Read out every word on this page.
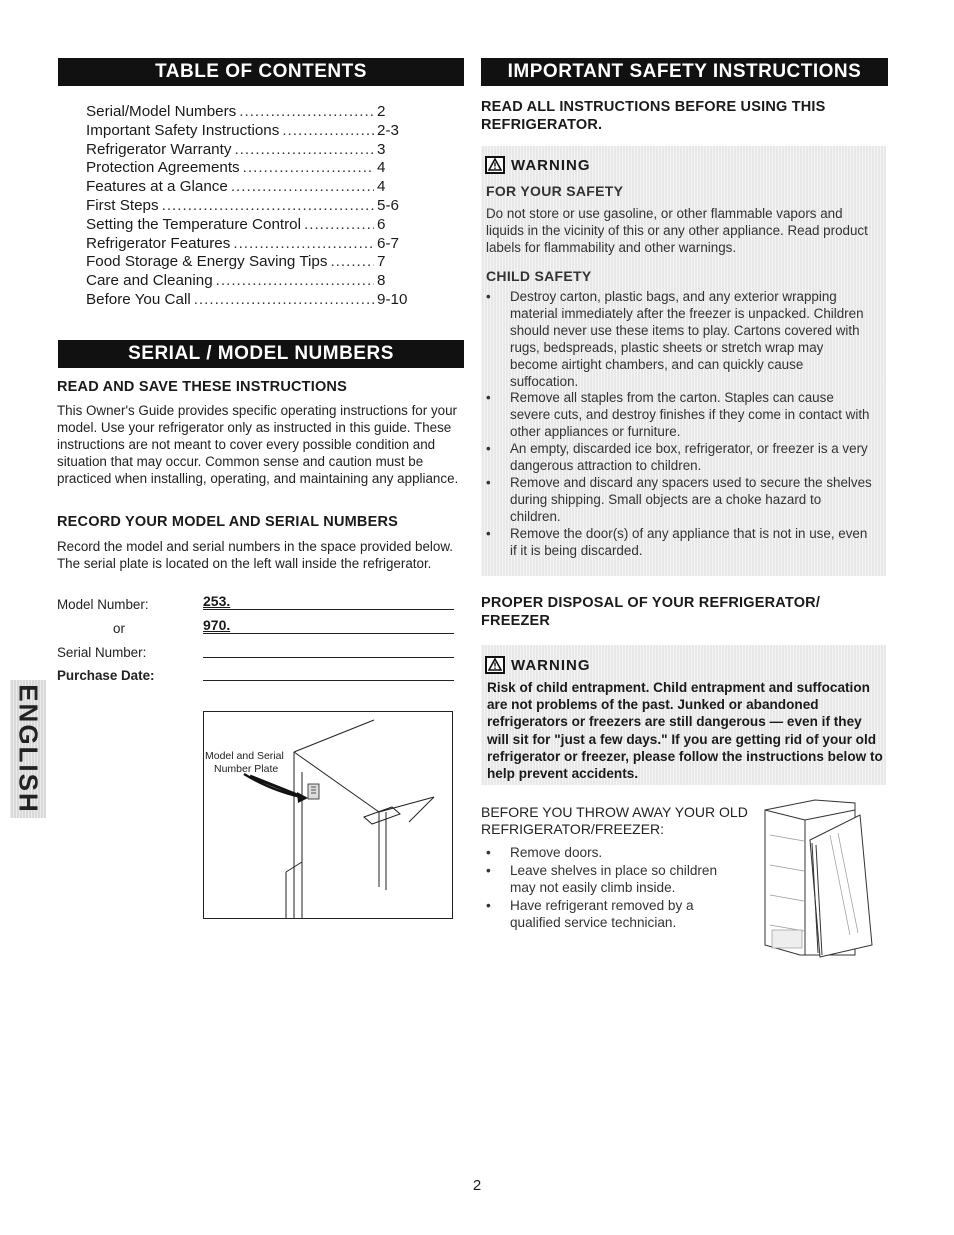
TABLE OF CONTENTS
Serial/Model Numbers .....	2
Important Safety Instructions .....	2-3
Refrigerator Warranty .....	3
Protection Agreements .....	4
Features at a Glance .....	4
First Steps .....	5-6
Setting the Temperature Control .....	6
Refrigerator Features .....	6-7
Food Storage & Energy Saving Tips .....	7
Care and Cleaning .....	8
Before You Call .....	9-10
SERIAL / MODEL NUMBERS
READ AND SAVE THESE INSTRUCTIONS
This Owner's Guide provides specific operating instructions for your model. Use your refrigerator only as instructed in this guide. These instructions are not meant to cover every possible condition and situation that may occur. Common sense and caution must be practiced when installing, operating, and maintaining any appliance.
RECORD YOUR MODEL AND SERIAL NUMBERS
Record the model and serial numbers in the space provided below. The serial plate is located on the left wall inside the refrigerator.
Model Number:	253.
or	970.
Serial Number:
Purchase Date:
Model and Serial
Number Plate
ENGLISH
IMPORTANT SAFETY INSTRUCTIONS
READ ALL INSTRUCTIONS BEFORE USING THIS
REFRIGERATOR.
WARNING
FOR YOUR SAFETY
Do not store or use gasoline, or other flammable vapors and liquids in the vicinity of this or any other appliance. Read product labels for flammability and other warnings.
CHILD SAFETY
• Destroy carton, plastic bags, and any exterior wrapping material immediately after the freezer is unpacked. Children should never use these items to play. Cartons covered with rugs, bedspreads, plastic sheets or stretch wrap may become airtight chambers, and can quickly cause suffocation.
• Remove all staples from the carton. Staples can cause severe cuts, and destroy finishes if they come in contact with other appliances or furniture.
• An empty, discarded ice box, refrigerator, or freezer is a very dangerous attraction to children.
• Remove and discard any spacers used to secure the shelves during shipping. Small objects are a choke hazard to children.
• Remove the door(s) of any appliance that is not in use, even if it is being discarded.
PROPER DISPOSAL OF YOUR REFRIGERATOR/
FREEZER
WARNING
Risk of child entrapment. Child entrapment and suffocation are not problems of the past. Junked or abandoned refrigerators or freezers are still dangerous — even if they will sit for "just a few days." If you are getting rid of your old refrigerator or freezer, please follow the instructions below to help prevent accidents.
BEFORE YOU THROW AWAY YOUR OLD
REFRIGERATOR/FREEZER:
• Remove doors.
• Leave shelves in place so children may not easily climb inside.
• Have refrigerant removed by a qualified service technician.
2
